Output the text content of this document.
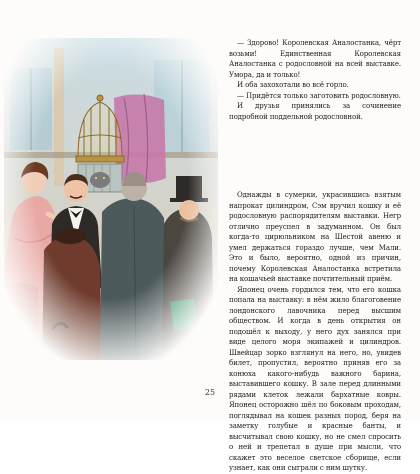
— Здорово! Королевская Аналостанка, чёрт возьми! Единственная Королевская Аналостанка с родословной на всей выставке. Умора, да и только!

И оба захохотали во всё горло.

— Придётся только заготовить родословную.

И друзья принялись за сочинение подробной поддельной родословной.

Однажды в сумерки, украсившись взятым напрокат цилиндром, Сэм вручил кошку и её родословную распорядителям выставки. Негр отличнo преуспел в задуманном. Он был когда-то цирюльником на Шестой авеню и умел держаться гораздо лучше, чем Мали. Это и было, вероятно, одной из причин, почему Королевская Аналостанка встретила на кошачьей выставке почтительный приём.

Японец очень гордился тем, что его кошка попала на выставку: в нём жило благоговение лондонского лавочника перед высшим обществом. И когда в день открытия он подошёл к выходу, у него дух занялся при виде целого моря экипажей и цилиндров. Швейцар зорко взглянул на него, но, увидев билет, пропустил, вероятно приняв его за конюха какого-нибудь важного барина, выставившего кошку. В зале перед длинными рядами клеток лежали бархатные ковры. Японец осторожно шёл по боковым проходам, поглядывал на кошек разных пород, беря на заметку голубые и красные банты, и высчитывал свою кошку, но не смел спросить о ней и трепетал в душе при мысли, что скажет это веселое светское сборище, если узнает, как они сыграли с ним шутку.

25
